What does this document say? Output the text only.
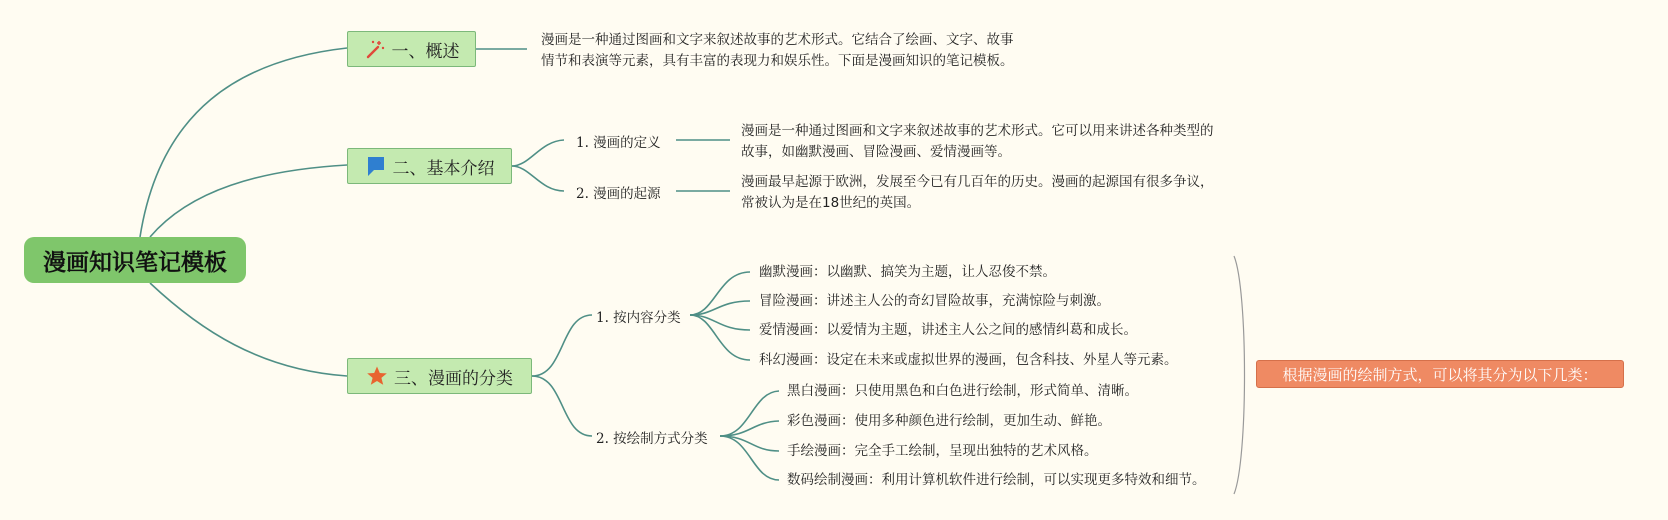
漫画知识笔记模板
一、概述
漫画是一种通过图画和文字来叙述故事的艺术形式。它结合了绘画、文字、故事
情节和表演等元素，具有丰富的表现力和娱乐性。下面是漫画知识的笔记模板。
二、基本介绍
1. 漫画的定义
2. 漫画的起源
漫画是一种通过图画和文字来叙述故事的艺术形式。它可以用来讲述各种类型的
故事，如幽默漫画、冒险漫画、爱情漫画等。
漫画最早起源于欧洲，发展至今已有几百年的历史。漫画的起源国有很多争议，
常被认为是在18世纪的英国。
三、漫画的分类
1. 按内容分类
2. 按绘制方式分类
幽默漫画：以幽默、搞笑为主题，让人忍俊不禁。
冒险漫画：讲述主人公的奇幻冒险故事，充满惊险与刺激。
爱情漫画：以爱情为主题，讲述主人公之间的感情纠葛和成长。
科幻漫画：设定在未来或虚拟世界的漫画，包含科技、外星人等元素。
黑白漫画：只使用黑色和白色进行绘制，形式简单、清晰。
彩色漫画：使用多种颜色进行绘制，更加生动、鲜艳。
手绘漫画：完全手工绘制，呈现出独特的艺术风格。
数码绘制漫画：利用计算机软件进行绘制，可以实现更多特效和细节。
根据漫画的绘制方式，可以将其分为以下几类：
